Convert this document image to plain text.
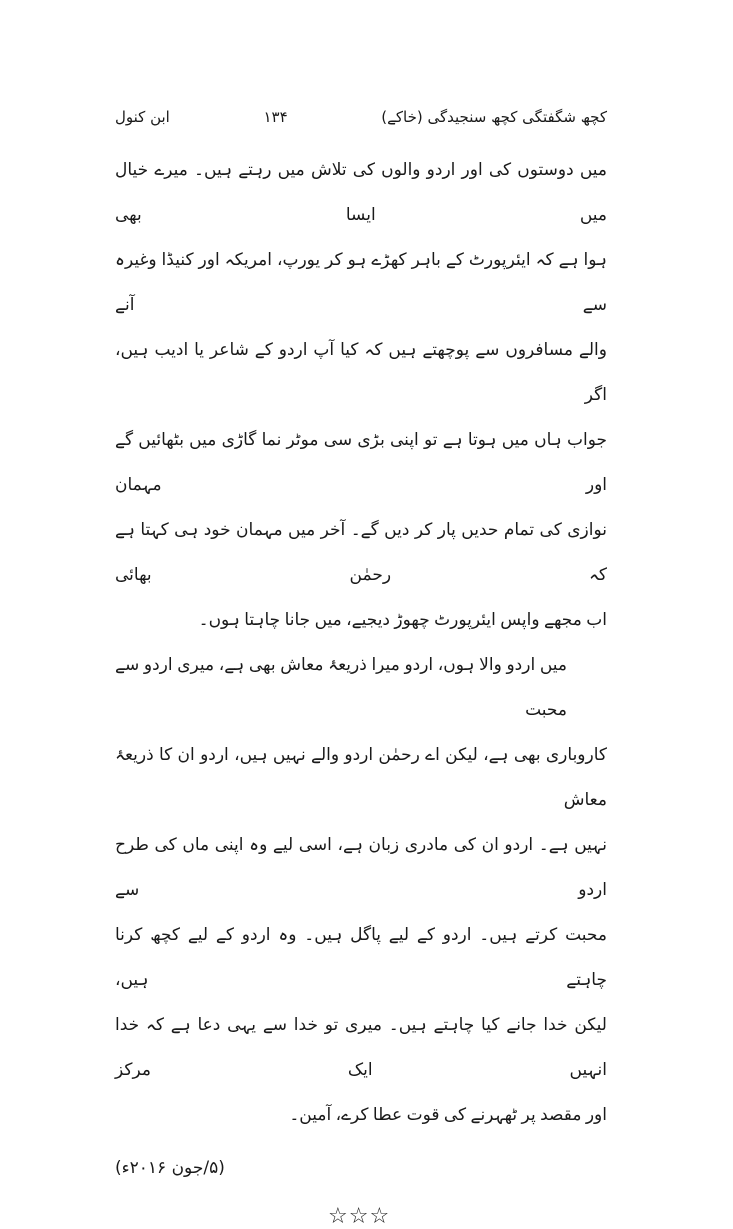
کچھ شگفتگی کچھ سنجیدگی (خاکے)
۱۳۴
ابن کنول
میں دوستوں کی اور اردو والوں کی تلاش میں رہتے ہیں۔ میرے خیال میں ایسا بھی
ہوا ہے کہ ایئرپورٹ کے باہر کھڑے ہو کر یورپ، امریکہ اور کنیڈا وغیرہ سے آنے
والے مسافروں سے پوچھتے ہیں کہ کیا آپ اردو کے شاعر یا ادیب ہیں، اگر
جواب ہاں میں ہوتا ہے تو اپنی بڑی سی موٹر نما گاڑی میں بٹھائیں گے اور مہمان
نوازی کی تمام حدیں پار کر دیں گے۔ آخر میں مہمان خود ہی کہتا ہے کہ رحمٰن بھائی
اب مجھے واپس ایئرپورٹ چھوڑ دیجیے، میں جانا چاہتا ہوں۔
میں اردو والا ہوں، اردو میرا ذریعۂ معاش بھی ہے، میری اردو سے محبت
کاروباری بھی ہے، لیکن اے رحمٰن اردو والے نہیں ہیں، اردو ان کا ذریعۂ معاش
نہیں ہے۔ اردو ان کی مادری زبان ہے، اسی لیے وہ اپنی ماں کی طرح اردو سے
محبت کرتے ہیں۔ اردو کے لیے پاگل ہیں۔ وہ اردو کے لیے کچھ کرنا چاہتے ہیں،
لیکن خدا جانے کیا چاہتے ہیں۔ میری تو خدا سے یہی دعا ہے کہ خدا انہیں ایک مرکز
اور مقصد پر ٹھہرنے کی قوت عطا کرے، آمین۔
(۵/جون ۲۰۱۶ء)
☆☆☆
